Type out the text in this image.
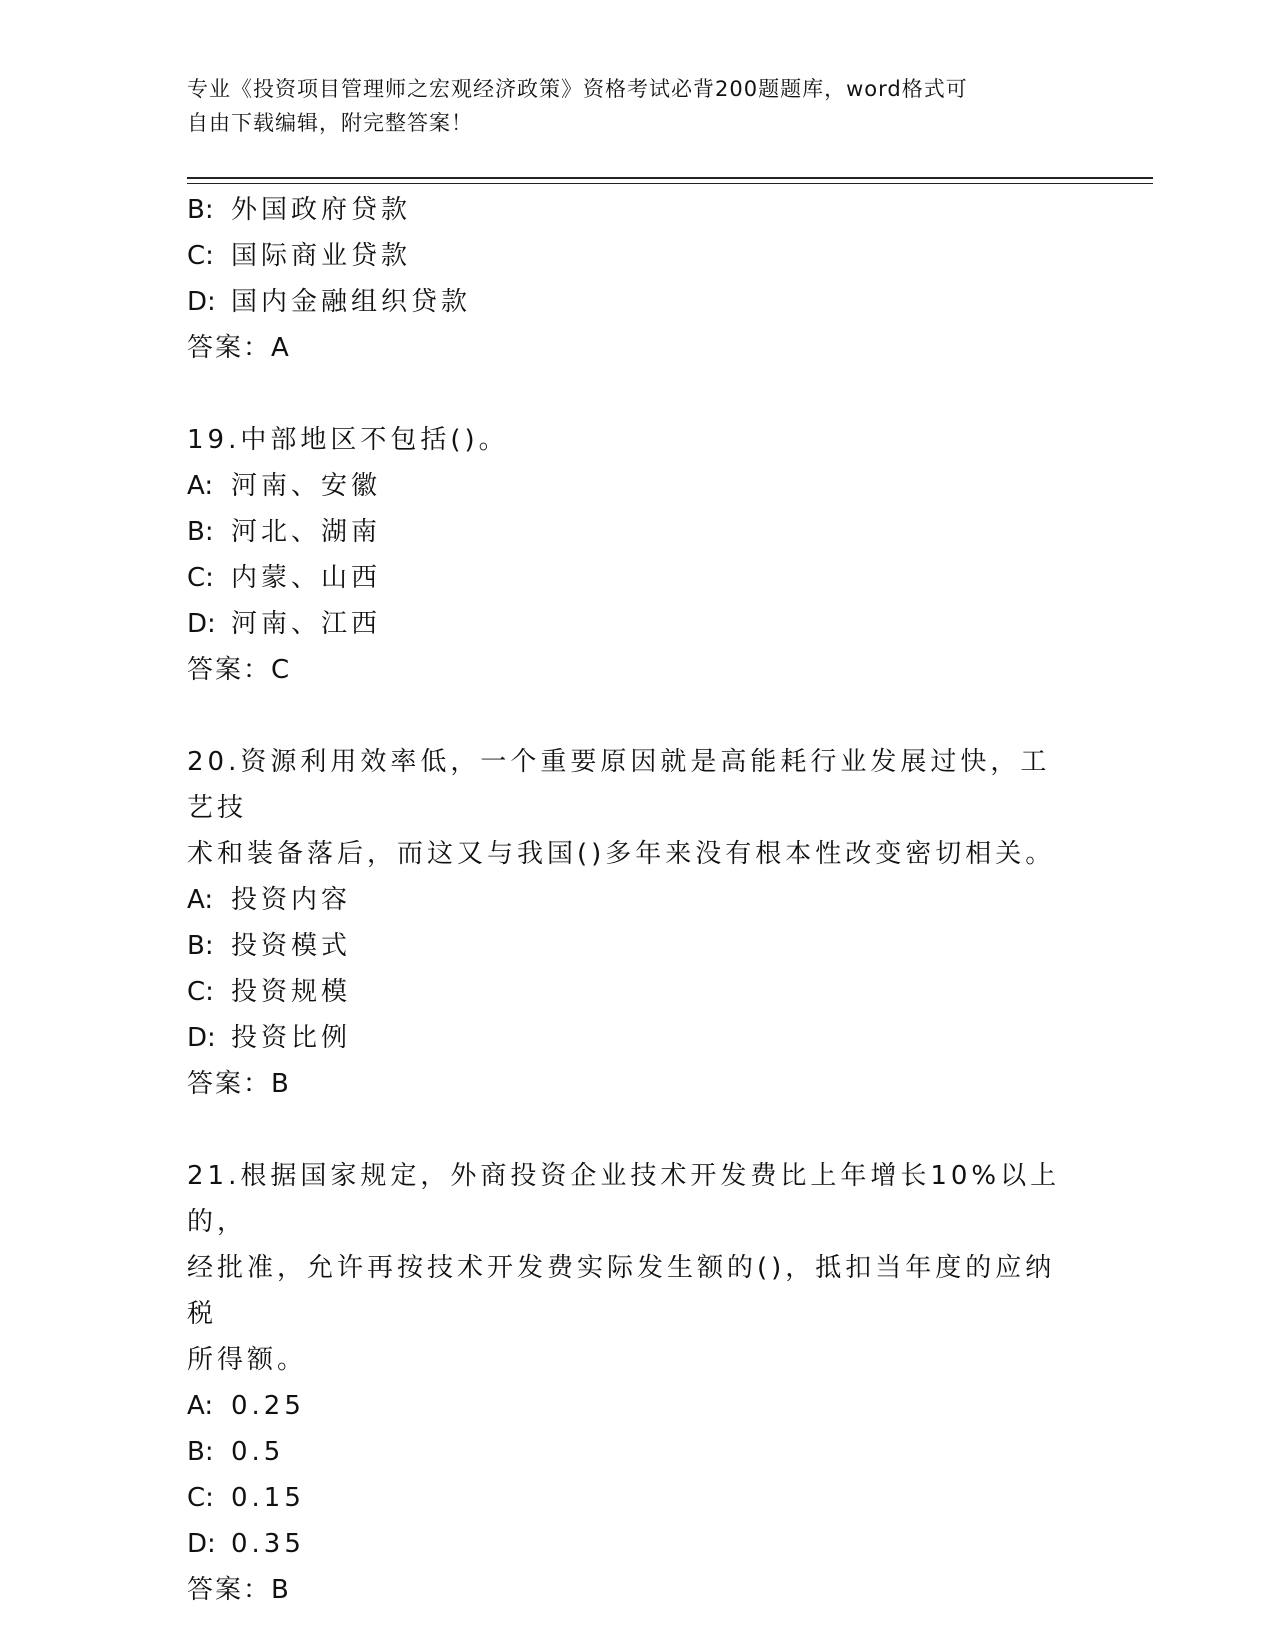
专业《投资项目管理师之宏观经济政策》资格考试必背200题题库，word格式可
自由下载编辑，附完整答案！
B: 外国政府贷款
C: 国际商业贷款
D: 国内金融组织贷款
答案：A
19.中部地区不包括()。
A: 河南、安徽
B: 河北、湖南
C: 内蒙、山西
D: 河南、江西
答案：C
20.资源利用效率低，一个重要原因就是高能耗行业发展过快，工艺技
术和装备落后，而这又与我国()多年来没有根本性改变密切相关。
A: 投资内容
B: 投资模式
C: 投资规模
D: 投资比例
答案：B
21.根据国家规定，外商投资企业技术开发费比上年增长10%以上的，
经批准，允许再按技术开发费实际发生额的()，抵扣当年度的应纳税
所得额。
A: 0.25
B: 0.5
C: 0.15
D: 0.35
答案：B
